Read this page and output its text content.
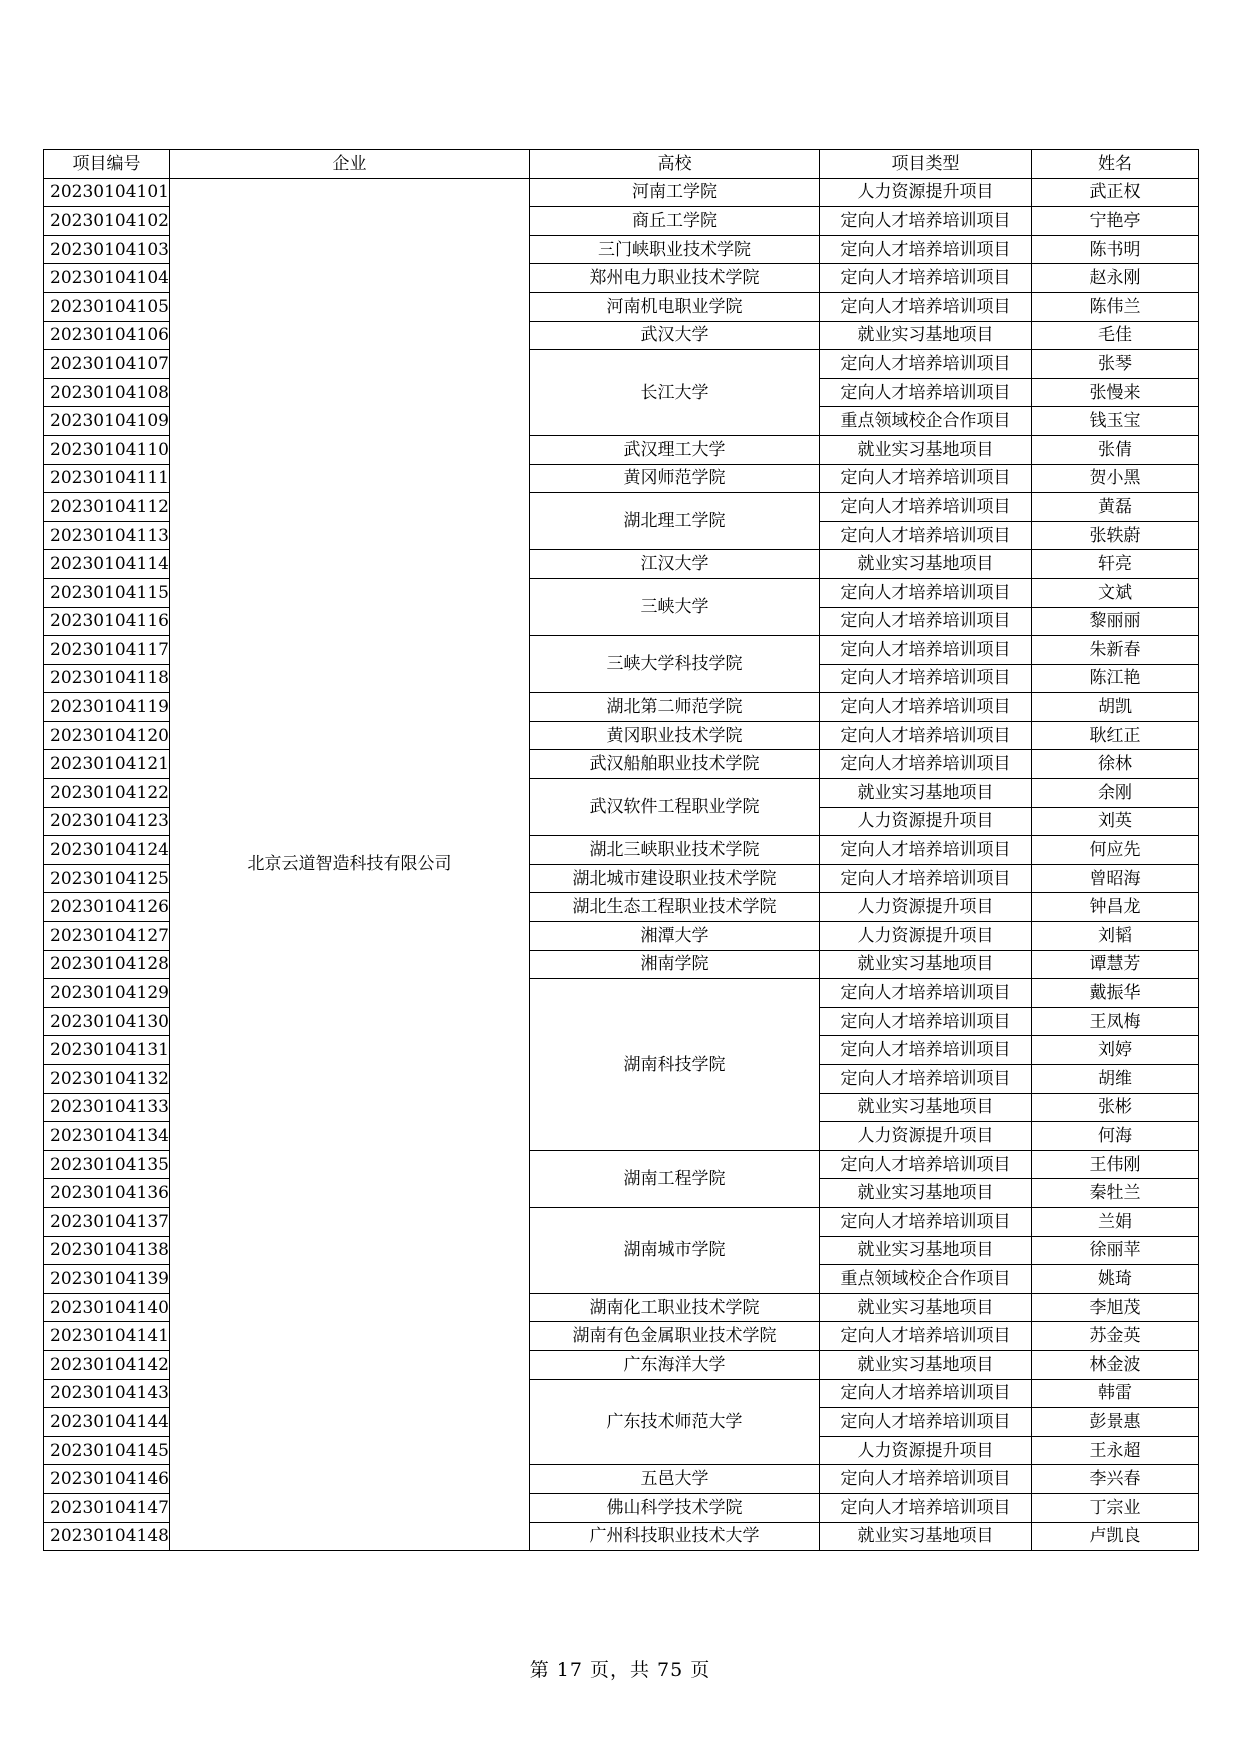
项目编号	企业	高校	项目类型	姓名
20230104101	北京云道智造科技有限公司	河南工学院	人力资源提升项目	武正权
20230104102		商丘工学院	定向人才培养培训项目	宁艳亭
20230104103		三门峡职业技术学院	定向人才培养培训项目	陈书明
20230104104		郑州电力职业技术学院	定向人才培养培训项目	赵永刚
20230104105		河南机电职业学院	定向人才培养培训项目	陈伟兰
20230104106		武汉大学	就业实习基地项目	毛佳
20230104107		长江大学	定向人才培养培训项目	张琴
20230104108			定向人才培养培训项目	张慢来
20230104109			重点领域校企合作项目	钱玉宝
20230104110		武汉理工大学	就业实习基地项目	张倩
20230104111		黄冈师范学院	定向人才培养培训项目	贺小黑
20230104112		湖北理工学院	定向人才培养培训项目	黄磊
20230104113			定向人才培养培训项目	张轶蔚
20230104114		江汉大学	就业实习基地项目	轩亮
20230104115		三峡大学	定向人才培养培训项目	文斌
20230104116			定向人才培养培训项目	黎丽丽
20230104117		三峡大学科技学院	定向人才培养培训项目	朱新春
20230104118			定向人才培养培训项目	陈江艳
20230104119		湖北第二师范学院	定向人才培养培训项目	胡凯
20230104120		黄冈职业技术学院	定向人才培养培训项目	耿红正
20230104121		武汉船舶职业技术学院	定向人才培养培训项目	徐林
20230104122		武汉软件工程职业学院	就业实习基地项目	余刚
20230104123			人力资源提升项目	刘英
20230104124		湖北三峡职业技术学院	定向人才培养培训项目	何应先
20230104125		湖北城市建设职业技术学院	定向人才培养培训项目	曾昭海
20230104126		湖北生态工程职业技术学院	人力资源提升项目	钟昌龙
20230104127		湘潭大学	人力资源提升项目	刘韬
20230104128		湘南学院	就业实习基地项目	谭慧芳
20230104129		湖南科技学院	定向人才培养培训项目	戴振华
20230104130			定向人才培养培训项目	王凤梅
20230104131			定向人才培养培训项目	刘婷
20230104132			定向人才培养培训项目	胡维
20230104133			就业实习基地项目	张彬
20230104134			人力资源提升项目	何海
20230104135		湖南工程学院	定向人才培养培训项目	王伟刚
20230104136			就业实习基地项目	秦牡兰
20230104137		湖南城市学院	定向人才培养培训项目	兰娟
20230104138			就业实习基地项目	徐丽苹
20230104139			重点领域校企合作项目	姚琦
20230104140		湖南化工职业技术学院	就业实习基地项目	李旭茂
20230104141		湖南有色金属职业技术学院	定向人才培养培训项目	苏金英
20230104142		广东海洋大学	就业实习基地项目	林金波
20230104143		广东技术师范大学	定向人才培养培训项目	韩雷
20230104144			定向人才培养培训项目	彭景惠
20230104145			人力资源提升项目	王永超
20230104146		五邑大学	定向人才培养培训项目	李兴春
20230104147		佛山科学技术学院	定向人才培养培训项目	丁宗业
20230104148		广州科技职业技术大学	就业实习基地项目	卢凯良
第 17 页，共 75 页
